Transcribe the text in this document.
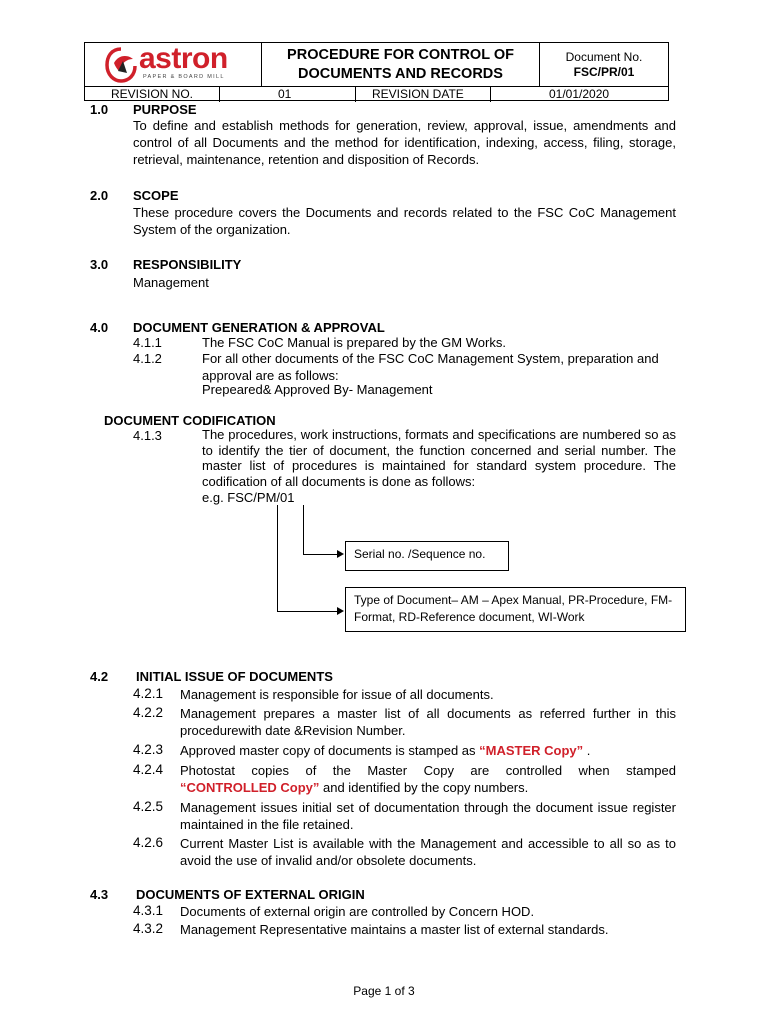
astron
PAPER & BOARD MILL
PROCEDURE FOR CONTROL OF
DOCUMENTS AND RECORDS
Document No.
FSC/PR/01
REVISION NO.	01	REVISION DATE	01/01/2020
1.0 PURPOSE
To define and establish methods for generation, review, approval, issue, amendments and control of all Documents and the method for identification, indexing, access, filing, storage, retrieval, maintenance, retention and disposition of Records.
2.0 SCOPE
These procedure covers the Documents and records related to the FSC CoC Management System of the organization.
3.0 RESPONSIBILITY
Management
4.0 DOCUMENT GENERATION & APPROVAL
4.1.1	The FSC CoC Manual is prepared by the GM Works.
4.1.2	For all other documents of the FSC CoC Management System, preparation and approval are as follows:
Prepeared& Approved By- Management
DOCUMENT CODIFICATION
4.1.3	The procedures, work instructions, formats and specifications are numbered so as to identify the tier of document, the function concerned and serial number. The master list of procedures is maintained for standard system procedure. The codification of all documents is done as follows:
e.g. FSC/PM/01
Serial no. /Sequence no.
Type of Document– AM – Apex Manual, PR-Procedure, FM-Format, RD-Reference document, WI-Work
4.2 INITIAL ISSUE OF DOCUMENTS
4.2.1 Management is responsible for issue of all documents.
4.2.2 Management prepares a master list of all documents as referred further in this procedurewith date &Revision Number.
4.2.3 Approved master copy of documents is stamped as “MASTER Copy” .
4.2.4 Photostat copies of the Master Copy are controlled when stamped
“CONTROLLED Copy” and identified by the copy numbers.
4.2.5 Management issues initial set of documentation through the document issue register maintained in the file retained.
4.2.6 Current Master List is available with the Management and accessible to all so as to avoid the use of invalid and/or obsolete documents.
4.3 DOCUMENTS OF EXTERNAL ORIGIN
4.3.1 Documents of external origin are controlled by Concern HOD.
4.3.2 Management Representative maintains a master list of external standards.
Page 1 of 3
